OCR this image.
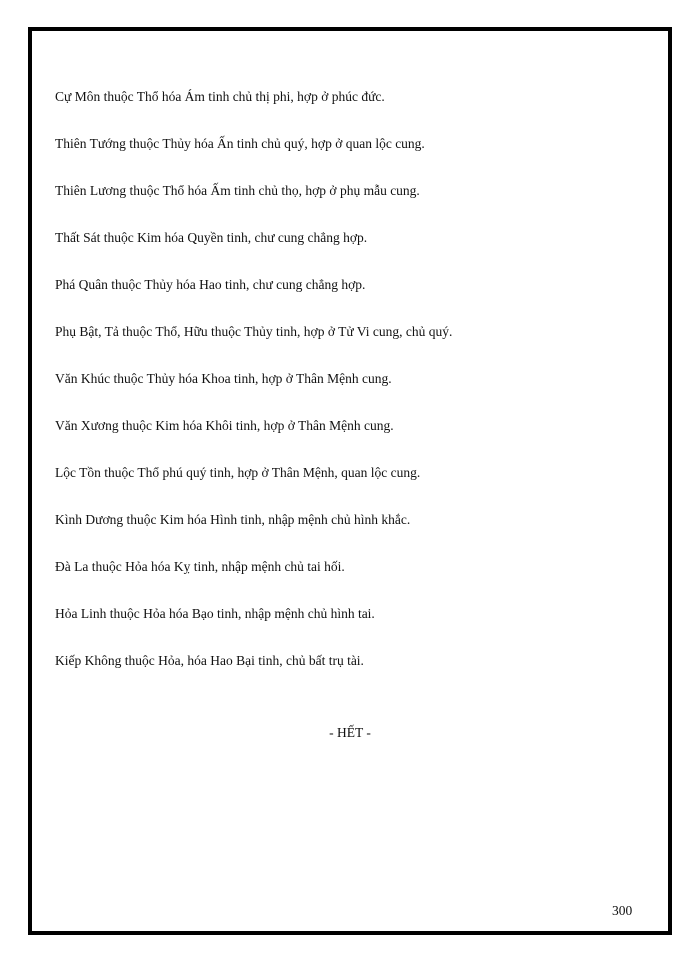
Cự Môn thuộc Thổ hóa Ám tinh chủ thị phi, hợp ở phúc đức.

Thiên Tướng thuộc Thủy hóa Ấn tinh chủ quý, hợp ở quan lộc cung.

Thiên Lương thuộc Thổ hóa Ấm tinh chủ thọ, hợp ở phụ mẫu cung.

Thất Sát thuộc Kim hóa Quyền tinh, chư cung chẳng hợp.

Phá Quân thuộc Thủy hóa Hao tinh, chư cung chẳng hợp.

Phụ Bật, Tả thuộc Thổ, Hữu thuộc Thủy tinh, hợp ở Tử Vi cung, chủ quý.

Văn Khúc thuộc Thủy hóa Khoa tinh, hợp ở Thân Mệnh cung.

Văn Xương thuộc Kim hóa Khôi tinh, hợp ở Thân Mệnh cung.

Lộc Tồn thuộc Thổ phú quý tinh, hợp ở Thân Mệnh, quan lộc cung.

Kình Dương thuộc Kim hóa Hình tinh, nhập mệnh chủ hình khắc.

Đà La thuộc Hỏa hóa Kỵ tinh, nhập mệnh chủ tai hối.

Hỏa Linh thuộc Hỏa hóa Bạo tinh, nhập mệnh chủ hình tai.

Kiếp Không thuộc Hỏa, hóa Hao Bại tinh, chủ bất trụ tài.

- HẾT -

300
